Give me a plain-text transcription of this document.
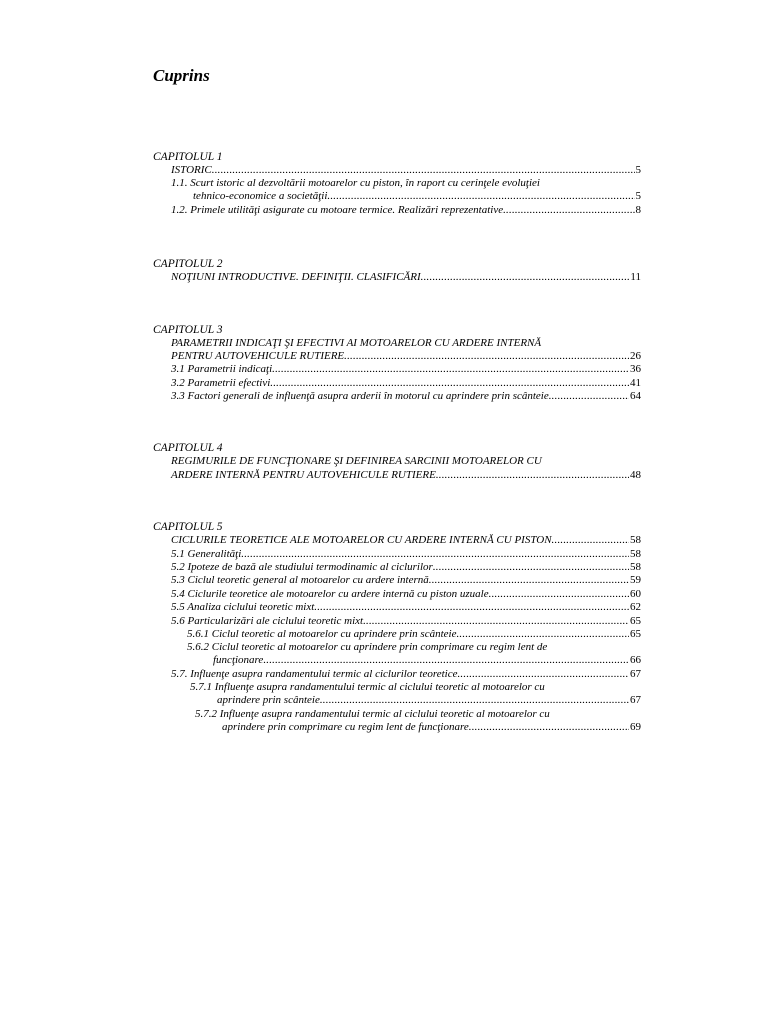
Cuprins
CAPITOLUL 1
ISTORIC .....	5
1.1. Scurt istoric al dezvoltării motoarelor cu piston, în raport cu cerinţele evoluţiei
tehnico-economice a societăţii .....	5
1.2. Primele utilităţi asigurate cu motoare termice. Realizări reprezentative .....	8
CAPITOLUL 2
NOŢIUNI INTRODUCTIVE. DEFINIŢII. CLASIFICĂRI .....	11
CAPITOLUL 3
PARAMETRII INDICAŢI ŞI EFECTIVI AI MOTOARELOR CU ARDERE INTERNĂ
PENTRU AUTOVEHICULE RUTIERE .....	26
3.1 Parametrii indicaţi .....	36
3.2 Parametrii efectivi .....	41
3.3 Factori generali de influenţă asupra arderii în motorul cu aprindere prin scânteie .....	64
CAPITOLUL 4
REGIMURILE DE FUNCŢIONARE ŞI DEFINIREA SARCINII MOTOARELOR CU
ARDERE INTERNĂ PENTRU AUTOVEHICULE RUTIERE .....	48
CAPITOLUL 5
CICLURILE TEORETICE ALE MOTOARELOR CU ARDERE INTERNĂ CU PISTON .....	58
5.1 Generalităţi .....	58
5.2 Ipoteze de bază ale studiului termodinamic al ciclurilor .....	58
5.3 Ciclul teoretic general al motoarelor cu ardere internă .....	59
5.4 Ciclurile teoretice ale motoarelor cu ardere internă cu piston uzuale .....	60
5.5 Analiza ciclului teoretic mixt .....	62
5.6 Particularizări ale ciclului teoretic mixt .....	65
5.6.1 Ciclul teoretic al motoarelor cu aprindere prin scânteie .....	65
5.6.2 Ciclul teoretic al motoarelor cu aprindere prin comprimare cu regim lent de
funcţionare .....	66
5.7. Influenţe asupra randamentului termic al ciclurilor teoretice .....	67
5.7.1 Influenţe asupra randamentului termic al ciclului teoretic al motoarelor cu
aprindere prin scânteie .....	67
5.7.2 Influenţe asupra randamentului termic al ciclului teoretic al motoarelor cu
aprindere prin comprimare cu regim lent de funcţionare .....	69
